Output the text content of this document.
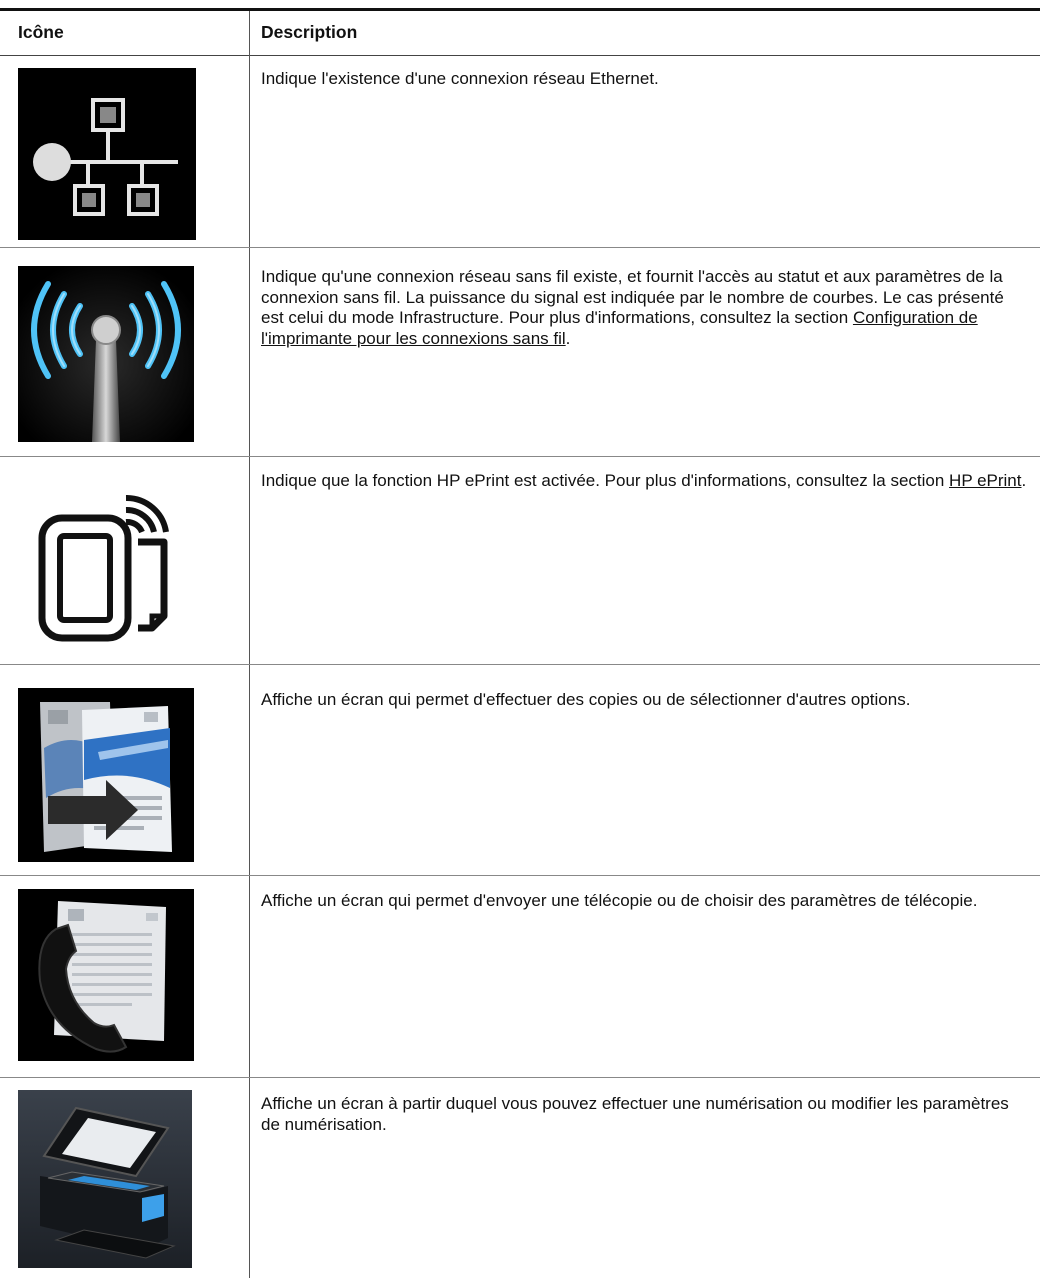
Icône	Description
Indique l'existence d'une connexion réseau Ethernet.
Indique qu'une connexion réseau sans fil existe, et fournit l'accès au statut et aux paramètres de la connexion sans fil. La puissance du signal est indiquée par le nombre de courbes. Le cas présenté est celui du mode Infrastructure. Pour plus d'informations, consultez la section Configuration de l'imprimante pour les connexions sans fil.
Indique que la fonction HP ePrint est activée. Pour plus d'informations, consultez la section HP ePrint.
Affiche un écran qui permet d'effectuer des copies ou de sélectionner d'autres options.
Affiche un écran qui permet d'envoyer une télécopie ou de choisir des paramètres de télécopie.
Affiche un écran à partir duquel vous pouvez effectuer une numérisation ou modifier les paramètres de numérisation.
